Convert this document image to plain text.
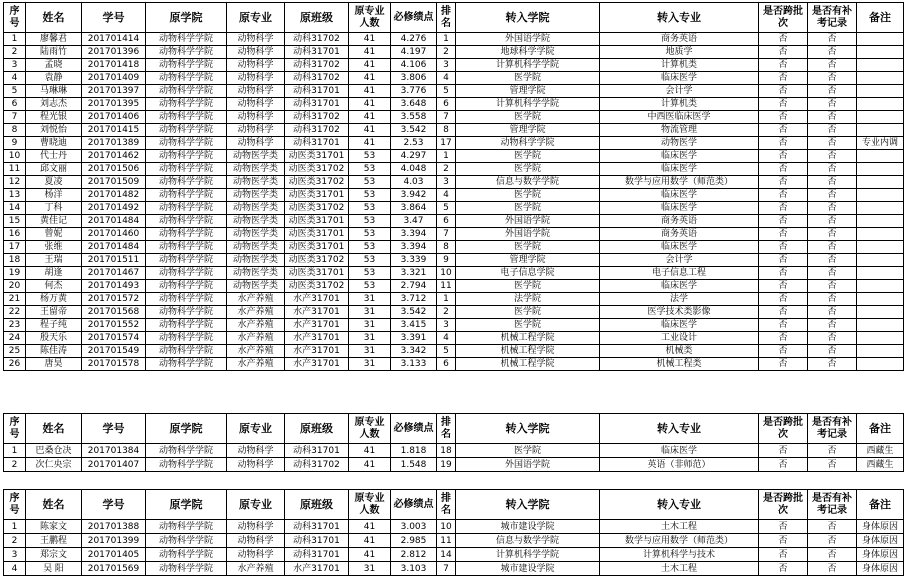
序号	姓名	学号	原学院	原专业	原班级	原专业人数	必修绩点	排名	转入学院	转入专业	是否跨批次	是否有补考记录	备注
1	廖馨君	201701414	动物科学学院	动物科学	动科31702	41	4.276	1	外国语学院	商务英语	否	否	
2	陆雨竹	201701396	动物科学学院	动物科学	动科31701	41	4.197	2	地球科学学院	地质学	否	否	
3	孟晓	201701418	动物科学学院	动物科学	动科31702	41	4.106	3	计算机科学学院	计算机类	否	否	
4	袁静	201701409	动物科学学院	动物科学	动科31702	41	3.806	4	医学院	临床医学	否	否	
5	马琳琳	201701397	动物科学学院	动物科学	动科31701	41	3.776	5	管理学院	会计学	否	否	
6	刘志杰	201701395	动物科学学院	动物科学	动科31701	41	3.648	6	计算机科学学院	计算机类	否	否	
7	程光银	201701406	动物科学学院	动物科学	动科31702	41	3.558	7	医学院	中西医临床医学	否	否	
8	刘悦怡	201701415	动物科学学院	动物科学	动科31702	41	3.542	8	管理学院	物流管理	否	否	
9	曹晓迪	201701389	动物科学学院	动物科学	动科31701	41	2.53	17	动物科学学院	动物医学	否	否	专业内调
10	代士丹	201701462	动物科学学院	动物医学类	动医类31701	53	4.297	1	医学院	临床医学	否	否	
11	邱文丽	201701506	动物科学学院	动物医学类	动医类31702	53	4.048	2	医学院	临床医学	否	否	
12	夏凌	201701509	动物科学学院	动物医学类	动医类31702	53	4.03	3	信息与数学学院	数学与应用数学（师范类）	否	否	
13	杨洋	201701482	动物科学学院	动物医学类	动医类31701	53	3.942	4	医学院	临床医学	否	否	
14	丁科	201701492	动物科学学院	动物医学类	动医类31702	53	3.864	5	医学院	临床医学	否	否	
15	黄佳记	201701484	动物科学学院	动物医学类	动医类31701	53	3.47	6	外国语学院	商务英语	否	否	
16	曾妮	201701460	动物科学学院	动物医学类	动医类31701	53	3.394	7	外国语学院	商务英语	否	否	
17	张维	201701484	动物科学学院	动物医学类	动医类31701	53	3.394	8	医学院	临床医学	否	否	
18	王瑞	201701511	动物科学学院	动物医学类	动医类31702	53	3.339	9	管理学院	会计学	否	否	
19	胡逢	201701467	动物科学学院	动物医学类	动医类31701	53	3.321	10	电子信息学院	电子信息工程	否	否	
20	何杰	201701493	动物科学学院	动物医学类	动医类31702	53	2.794	11	医学院	临床医学	否	否	
21	杨万黄	201701572	动物科学学院	水产养殖	水产31701	31	3.712	1	法学院	法学	否	否	
22	王留帝	201701568	动物科学学院	水产养殖	水产31701	31	3.542	2	医学院	医学技术类影像	否	否	
23	程子纯	201701552	动物科学学院	水产养殖	水产31701	31	3.415	3	医学院	临床医学	否	否	
24	殷天乐	201701574	动物科学学院	水产养殖	水产31701	31	3.391	4	机械工程学院	工业设计	否	否	
25	陈佳涛	201701549	动物科学学院	水产养殖	水产31701	31	3.342	5	机械工程学院	机械类	否	否	
26	唐昊	201701578	动物科学学院	水产养殖	水产31701	31	3.133	6	机械工程学院	机械工程类	否	否	
序号	姓名	学号	原学院	原专业	原班级	原专业人数	必修绩点	排名	转入学院	转入专业	是否跨批次	是否有补考记录	备注
1	巴桑仓决	201701384	动物科学学院	动物科学	动科31701	41	1.818	18	医学院	临床医学	否	否	西藏生
2	次仁央宗	201701407	动物科学学院	动物科学	动科31702	41	1.548	19	外国语学院	英语（非师范）	否	否	西藏生
序号	姓名	学号	原学院	原专业	原班级	原专业人数	必修绩点	排名	转入学院	转入专业	是否跨批次	是否有补考记录	备注
1	陈家文	201701388	动物科学学院	动物科学	动科31701	41	3.003	10	城市建设学院	土木工程	否	否	身体原因
2	王鹏程	201701399	动物科学学院	动物科学	动科31701	41	2.985	11	信息与数学学院	数学与应用数学（师范类）	否	否	身体原因
3	郑宗文	201701405	动物科学学院	动物科学	动科31701	41	2.812	14	计算机科学学院	计算机科学与技术	否	否	身体原因
4	吴 阳	201701569	动物科学学院	水产养殖	水产31701	31	3.103	7	城市建设学院	土木工程	否	否	身体原因
